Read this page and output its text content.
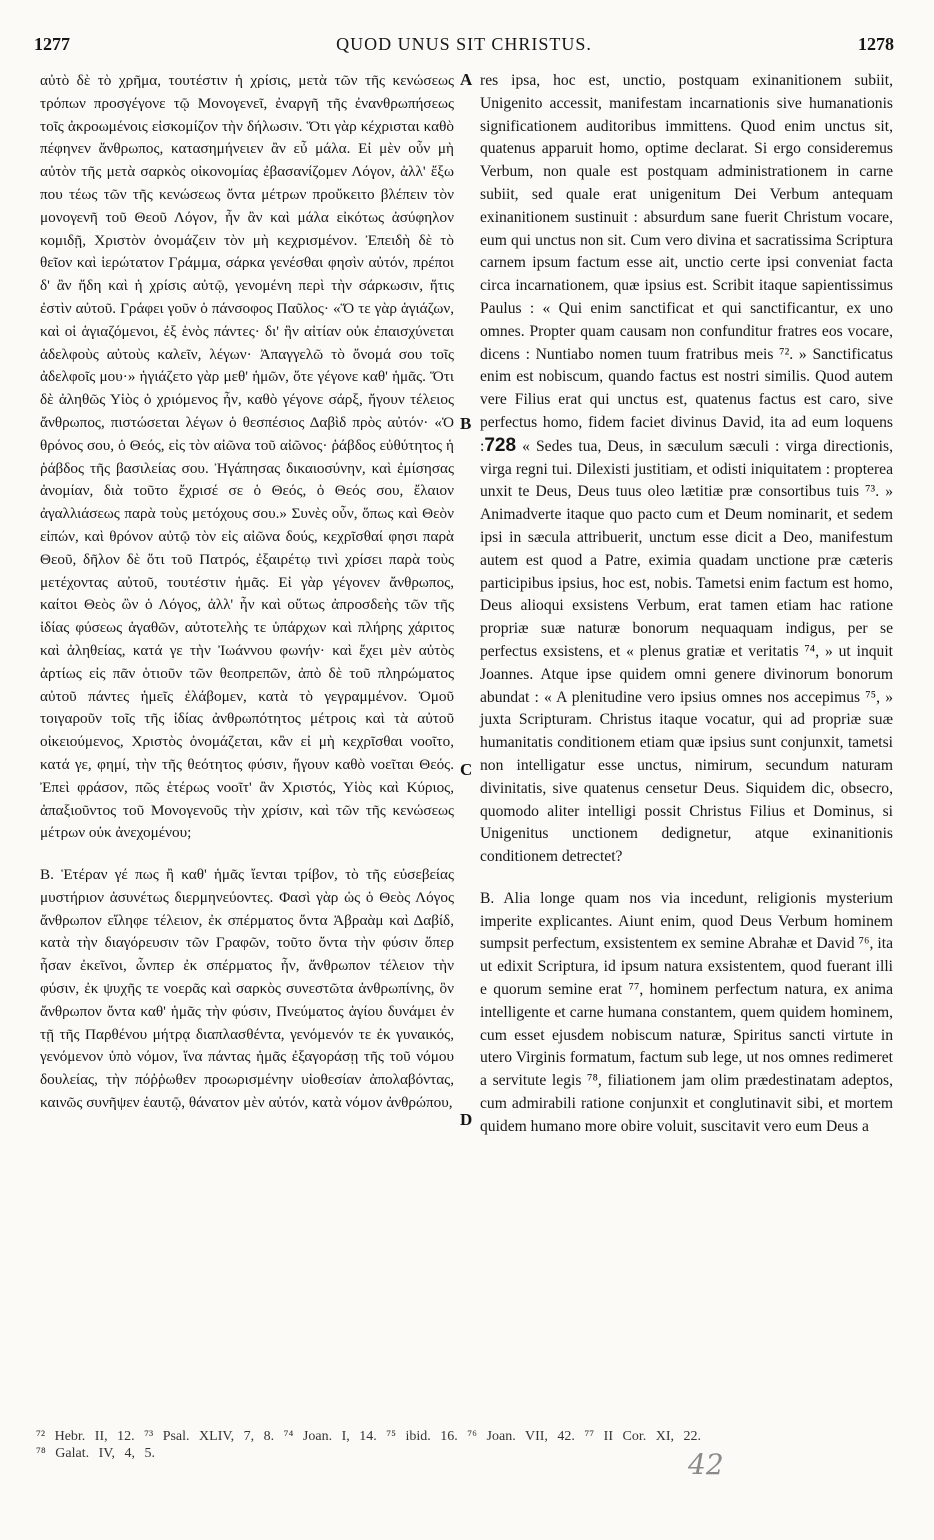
1277	QUOD UNUS SIT CHRISTUS.	1278

αὐτὸ δὲ τὸ χρῆμα, τουτέστιν ἡ χρίσις, μετὰ τῶν τῆς κενώσεως τρόπων προσγέγονε τῷ Μονογενεῖ, ἐναργῆ τῆς ἐνανθρωπήσεως τοῖς ἀκροωμένοις εἰσκομίζον τὴν δήλωσιν. Ὅτι γὰρ κέχρισται καθὸ πέφηνεν ἄνθρωπος, κατασημήνειεν ἂν εὖ μάλα. Εἰ μὲν οὖν μὴ αὐτὸν τῆς μετὰ σαρκὸς οἰκονομίας ἐβασανίζομεν Λόγον, ἀλλ' ἔξω που τέως τῶν τῆς κενώσεως ὄντα μέτρων προὔκειτο βλέπειν τὸν μονογενῆ τοῦ Θεοῦ Λόγον, ἦν ἂν καὶ μάλα εἰκότως ἀσύφηλον κομιδῇ, Χριστὸν ὀνομάζειν τὸν μὴ κεχρισμένον. Ἐπειδὴ δὲ τὸ θεῖον καὶ ἱερώτατον Γράμμα, σάρκα γενέσθαι φησὶν αὐτόν, πρέποι δ' ἂν ἤδη καὶ ἡ χρίσις αὐτῷ, γενομένη περὶ τὴν σάρκωσιν, ἥτις ἐστὶν αὐτοῦ. Γράφει γοῦν ὁ πάνσοφος Παῦλος· «Ὅ τε γὰρ ἁγιάζων, καὶ οἱ ἁγιαζόμενοι, ἐξ ἑνὸς πάντες· δι' ἣν αἰτίαν οὐκ ἐπαισχύνεται ἀδελφοὺς αὐτοὺς καλεῖν, λέγων· Ἀπαγγελῶ τὸ ὄνομά σου τοῖς ἀδελφοῖς μου·» ἡγιάζετο γὰρ μεθ' ἡμῶν, ὅτε γέγονε καθ' ἡμᾶς. Ὅτι δὲ ἀληθῶς Υἱὸς ὁ χριόμενος ἦν, καθὸ γέγονε σάρξ, ἤγουν τέλειος ἄνθρωπος, πιστώσεται λέγων ὁ θεσπέσιος Δαβὶδ πρὸς αὐτόν· «Ὁ θρόνος σου, ὁ Θεός, εἰς τὸν αἰῶνα τοῦ αἰῶνος· ῥάβδος εὐθύτητος ἡ ῥάβδος τῆς βασιλείας σου. Ἠγάπησας δικαιοσύνην, καὶ ἐμίσησας ἀνομίαν, διὰ τοῦτο ἔχρισέ σε ὁ Θεός, ὁ Θεός σου, ἔλαιον ἀγαλλιάσεως παρὰ τοὺς μετόχους σου.» Συνὲς οὖν, ὅπως καὶ Θεὸν εἰπών, καὶ θρόνον αὐτῷ τὸν εἰς αἰῶνα δούς, κεχρῖσθαί φησι παρὰ Θεοῦ, δῆλον δὲ ὅτι τοῦ Πατρός, ἐξαιρέτῳ τινὶ χρίσει παρὰ τοὺς μετέχοντας αὐτοῦ, τουτέστιν ἡμᾶς. Εἰ γὰρ γέγονεν ἄνθρωπος, καίτοι Θεὸς ὢν ὁ Λόγος, ἀλλ' ἦν καὶ οὕτως ἀπροσδεὴς τῶν τῆς ἰδίας φύσεως ἀγαθῶν, αὐτοτελὴς τε ὑπάρχων καὶ πλήρης χάριτος καὶ ἀληθείας, κατά γε τὴν Ἰωάννου φωνήν· καὶ ἔχει μὲν αὐτὸς ἀρτίως εἰς πᾶν ὁτιοῦν τῶν θεοπρεπῶν, ἀπὸ δὲ τοῦ πληρώματος αὐτοῦ πάντες ἡμεῖς ἐλάβομεν, κατὰ τὸ γεγραμμένον. Ὁμοῦ τοιγαροῦν τοῖς τῆς ἰδίας ἀνθρωπότητος μέτροις καὶ τὰ αὐτοῦ οἰκειούμενος, Χριστὸς ὀνομάζεται, κἂν εἰ μὴ κεχρῖσθαι νοοῖτο, κατά γε, φημί, τὴν τῆς θεότητος φύσιν, ἤγουν καθὸ νοεῖται Θεός. Ἐπεὶ φράσον, πῶς ἑτέρως νοοῖτ' ἂν Χριστός, Υἱὸς καὶ Κύριος, ἀπαξιοῦντος τοῦ Μονογενοῦς τὴν χρίσιν, καὶ τῶν τῆς κενώσεως μέτρων οὐκ ἀνεχομένου;

Β. Ἑτέραν γέ πως ἢ καθ' ἡμᾶς ἴενται τρίβον, τὸ τῆς εὐσεβείας μυστήριον ἀσυνέτως διερμηνεύοντες. Φασὶ γὰρ ὡς ὁ Θεὸς Λόγος ἄνθρωπον εἴληφε τέλειον, ἐκ σπέρματος ὄντα Ἀβραὰμ καὶ Δαβίδ, κατὰ τὴν διαγόρευσιν τῶν Γραφῶν, τοῦτο ὄντα τὴν φύσιν ὅπερ ἦσαν ἐκεῖνοι, ὧνπερ ἐκ σπέρματος ἦν, ἄνθρωπον τέλειον τὴν φύσιν, ἐκ ψυχῆς τε νοερᾶς καὶ σαρκὸς συνεστῶτα ἀνθρωπίνης, ὃν ἄνθρωπον ὄντα καθ' ἡμᾶς τὴν φύσιν, Πνεύματος ἁγίου δυνάμει ἐν τῇ τῆς Παρθένου μήτρᾳ διαπλασθέντα, γενόμενόν τε ἐκ γυναικός, γενόμενον ὑπὸ νόμον, ἵνα πάντας ἡμᾶς ἐξαγοράσῃ τῆς τοῦ νόμου δουλείας, τὴν πόῤῥωθεν προωρισμένην υἱοθεσίαν ἀπολαβόντας, καινῶς συνῆψεν ἑαυτῷ, θάνατον μὲν αὐτόν, κατὰ νόμον ἀνθρώπου,

A
B
C
D

res ipsa, hoc est, unctio, postquam exinanitionem subiit, Unigenito accessit, manifestam incarnationis sive humanationis significationem auditoribus immittens. Quod enim unctus sit, quatenus apparuit homo, optime declarat. Si ergo consideremus Verbum, non quale est postquam administrationem in carne subiit, sed quale erat unigenitum Dei Verbum antequam exinanitionem sustinuit : absurdum sane fuerit Christum vocare, eum qui unctus non sit. Cum vero divina et sacratissima Scriptura carnem ipsum factum esse ait, unctio certe ipsi conveniat facta circa incarnationem, quæ ipsius est. Scribit itaque sapientissimus Paulus : « Qui enim sanctificat et qui sanctificantur, ex uno omnes. Propter quam causam non confunditur fratres eos vocare, dicens : Nuntiabo nomen tuum fratribus meis ⁷². » Sanctificatus enim est nobiscum, quando factus est nostri similis. Quod autem vere Filius erat qui unctus est, quatenus factus est caro, sive perfectus homo, fidem faciet divinus David, ita ad eum loquens :728 « Sedes tua, Deus, in sæculum sæculi : virga directionis, virga regni tui. Dilexisti justitiam, et odisti iniquitatem : propterea unxit te Deus, Deus tuus oleo lætitiæ præ consortibus tuis ⁷³. » Animadverte itaque quo pacto cum et Deum nominarit, et sedem ipsi in sæcula attribuerit, unctum esse dicit a Deo, manifestum autem est quod a Patre, eximia quadam unctione præ cæteris participibus ipsius, hoc est, nobis. Tametsi enim factum est homo, Deus alioqui exsistens Verbum, erat tamen etiam hac ratione propriæ suæ naturæ bonorum nequaquam indigus, per se perfectus exsistens, et « plenus gratiæ et veritatis ⁷⁴, » ut inquit Joannes. Atque ipse quidem omni genere divinorum bonorum abundat : « A plenitudine vero ipsius omnes nos accepimus ⁷⁵, » juxta Scripturam. Christus itaque vocatur, qui ad propriæ suæ humanitatis conditionem etiam quæ ipsius sunt conjunxit, tametsi non intelligatur esse unctus, nimirum, secundum naturam divinitatis, sive quatenus censetur Deus. Siquidem dic, obsecro, quomodo aliter intelligi possit Christus Filius et Dominus, si Unigenitus unctionem dedignetur, atque exinanitionis conditionem detrectet?

B. Alia longe quam nos via incedunt, religionis mysterium imperite explicantes. Aiunt enim, quod Deus Verbum hominem sumpsit perfectum, exsistentem ex semine Abrahæ et David ⁷⁶, ita ut edixit Scriptura, id ipsum natura exsistentem, quod fuerant illi e quorum semine erat ⁷⁷, hominem perfectum natura, ex anima intelligente et carne humana constantem, quem quidem hominem, cum esset ejusdem nobiscum naturæ, Spiritus sancti virtute in utero Virginis formatum, factum sub lege, ut nos omnes redimeret a servitute legis ⁷⁸, filiationem jam olim prædestinatam adeptos, cum admirabili ratione conjunxit et conglutinavit sibi, et mortem quidem humano more obire voluit, suscitavit vero eum Deus a

⁷² Hebr. II, 12. ⁷³ Psal. XLIV, 7, 8. ⁷⁴ Joan. I, 14. ⁷⁵ ibid. 16. ⁷⁶ Joan. VII, 42. ⁷⁷ II Cor. XI, 22.
⁷⁸ Galat. IV, 4, 5.	42
